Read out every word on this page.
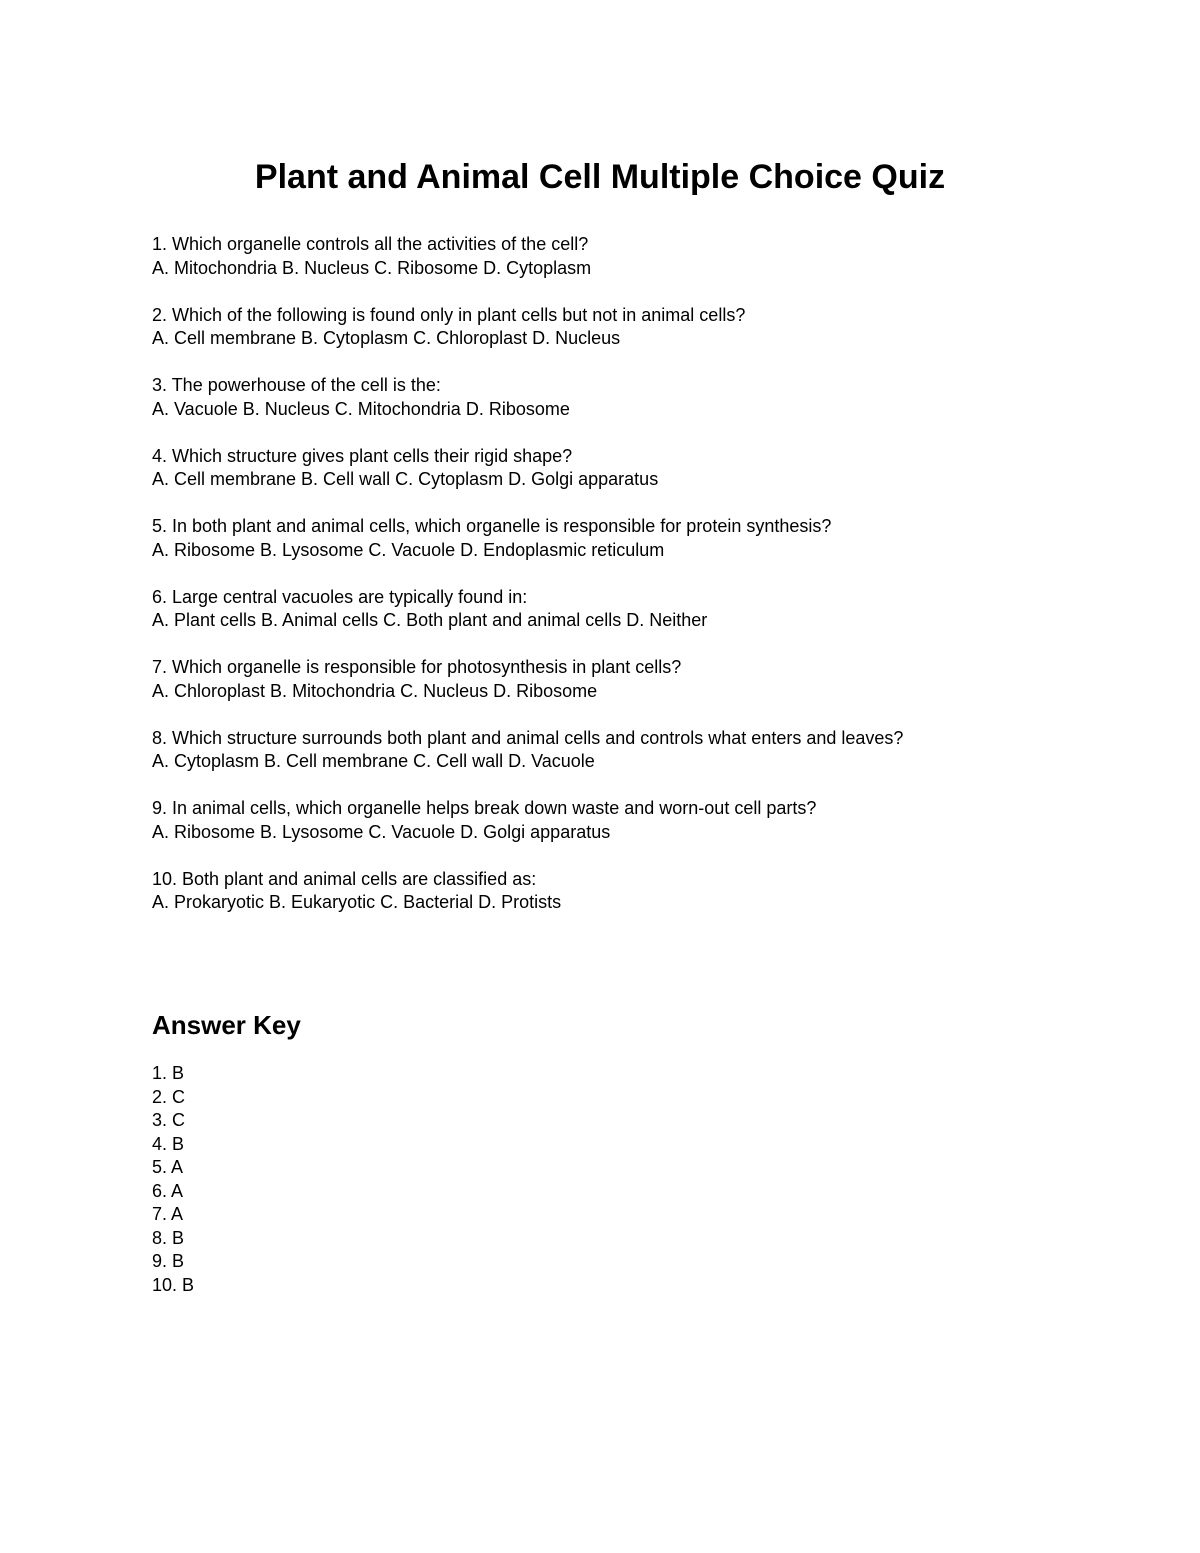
Plant and Animal Cell Multiple Choice Quiz
1. Which organelle controls all the activities of the cell?
A. Mitochondria B. Nucleus C. Ribosome D. Cytoplasm
2. Which of the following is found only in plant cells but not in animal cells?
A. Cell membrane B. Cytoplasm C. Chloroplast D. Nucleus
3. The powerhouse of the cell is the:
A. Vacuole B. Nucleus C. Mitochondria D. Ribosome
4. Which structure gives plant cells their rigid shape?
A. Cell membrane B. Cell wall C. Cytoplasm D. Golgi apparatus
5. In both plant and animal cells, which organelle is responsible for protein synthesis?
A. Ribosome B. Lysosome C. Vacuole D. Endoplasmic reticulum
6. Large central vacuoles are typically found in:
A. Plant cells B. Animal cells C. Both plant and animal cells D. Neither
7. Which organelle is responsible for photosynthesis in plant cells?
A. Chloroplast B. Mitochondria C. Nucleus D. Ribosome
8. Which structure surrounds both plant and animal cells and controls what enters and leaves?
A. Cytoplasm B. Cell membrane C. Cell wall D. Vacuole
9. In animal cells, which organelle helps break down waste and worn-out cell parts?
A. Ribosome B. Lysosome C. Vacuole D. Golgi apparatus
10. Both plant and animal cells are classified as:
A. Prokaryotic B. Eukaryotic C. Bacterial D. Protists
Answer Key
1. B
2. C
3. C
4. B
5. A
6. A
7. A
8. B
9. B
10. B
